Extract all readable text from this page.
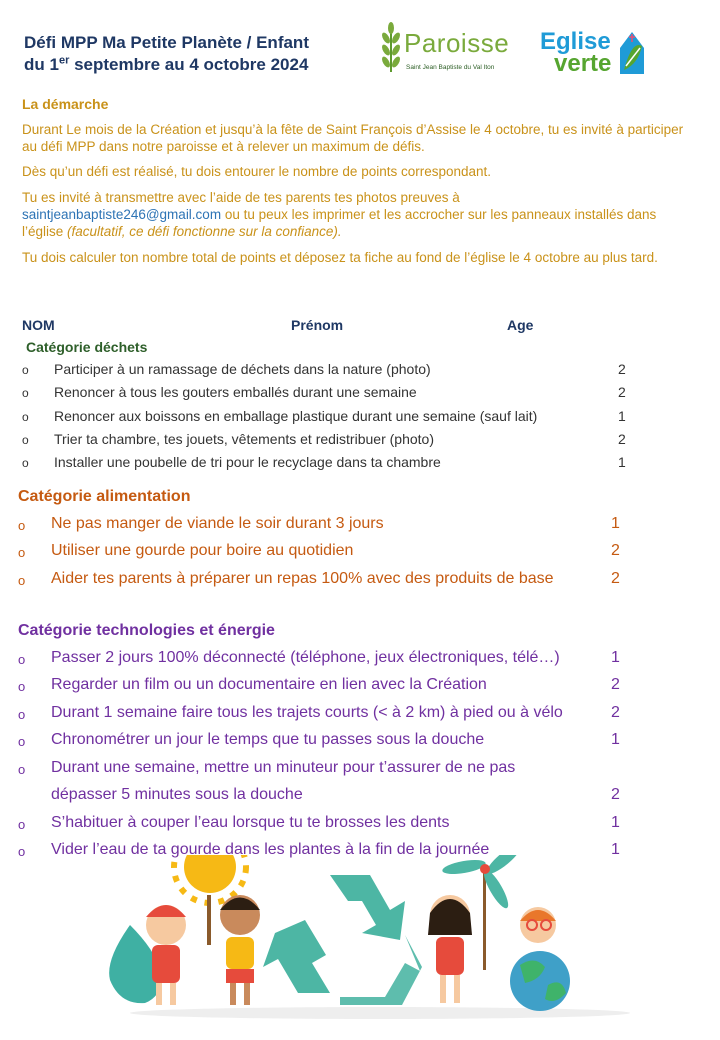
Défi MPP Ma Petite Planète / Enfant
du 1er septembre au 4 octobre 2024
Paroisse
Saint Jean Baptiste du Val Iton
Eglise
verte
La démarche
Durant Le mois de la Création et jusqu’à la fête de Saint François d’Assise le 4 octobre, tu es invité à participer au défi MPP dans notre paroisse et à relever un maximum de défis.
Dès qu’un défi est réalisé, tu dois entourer le nombre de points correspondant.
Tu es invité à transmettre avec l’aide de tes parents tes photos preuves à
saintjeanbaptiste246@gmail.com ou tu peux les imprimer et les accrocher sur les panneaux installés dans l’église (facultatif, ce défi fonctionne sur la confiance).
Tu dois calculer ton nombre total de points et déposez ta fiche au fond de l’église le 4 octobre au plus tard.
NOM	Prénom	Age
Catégorie déchets
o Participer à un ramassage de déchets dans la nature (photo)	2
o Renoncer à tous les gouters emballés durant une semaine	2
o Renoncer aux boissons en emballage plastique durant une semaine (sauf lait)	1
o Trier ta chambre, tes jouets, vêtements et redistribuer (photo)	2
o Installer une poubelle de tri pour le recyclage dans ta chambre	1
Catégorie alimentation
o Ne pas manger de viande le soir durant 3 jours	1
o Utiliser une gourde pour boire au quotidien	2
o Aider tes parents à préparer un repas 100% avec des produits de base	2
Catégorie technologies et énergie
o Passer 2 jours 100% déconnecté (téléphone, jeux électroniques, télé…)	1
o Regarder un film ou un documentaire en lien avec la Création	2
o Durant 1 semaine faire tous les trajets courts (< à 2 km) à pied ou à vélo	2
o Chronométrer un jour le temps que tu passes sous la douche	1
o Durant une semaine, mettre un minuteur pour t’assurer de ne pas
dépasser 5 minutes sous la douche	2
o S’habituer à couper l’eau lorsque tu te brosses les dents	1
o Vider l’eau de ta gourde dans les plantes à la fin de la journée	1
